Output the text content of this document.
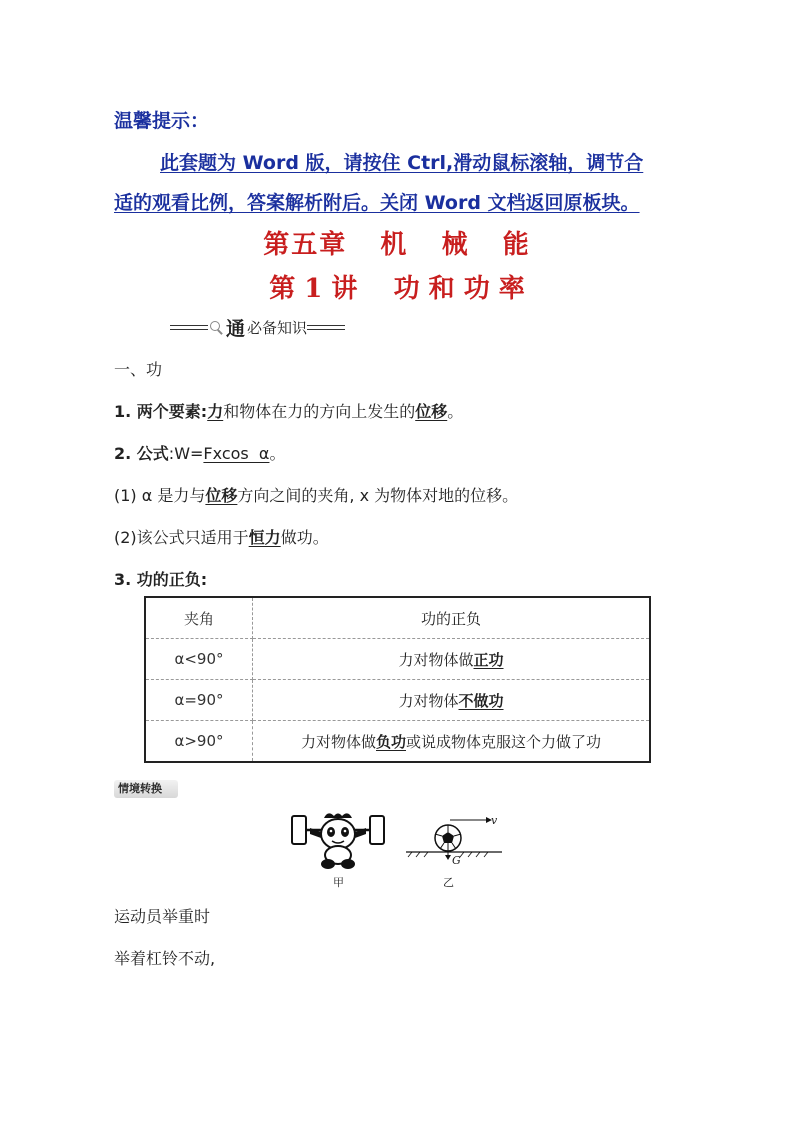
温馨提示：
此套题为 Word 版，请按住 Ctrl,滑动鼠标滚轴，调节合
适的观看比例，答案解析附后。关闭 Word 文档返回原板块。
第五章   机   械   能
第 1 讲    功 和 功 率
通 必备知识
一、功
1. 两个要素:力和物体在力的方向上发生的位移。
2. 公式:W=Fxcos  α。
(1) α 是力与位移方向之间的夹角, x 为物体对地的位移。
(2)该公式只适用于恒力做功。
3. 功的正负:
夹角	功的正负
α<90°	力对物体做正功
α=90°	力对物体不做功
α>90°	力对物体做负功或说成物体克服这个力做了功
情境转换
甲
v
G
乙
运动员举重时
举着杠铃不动,
